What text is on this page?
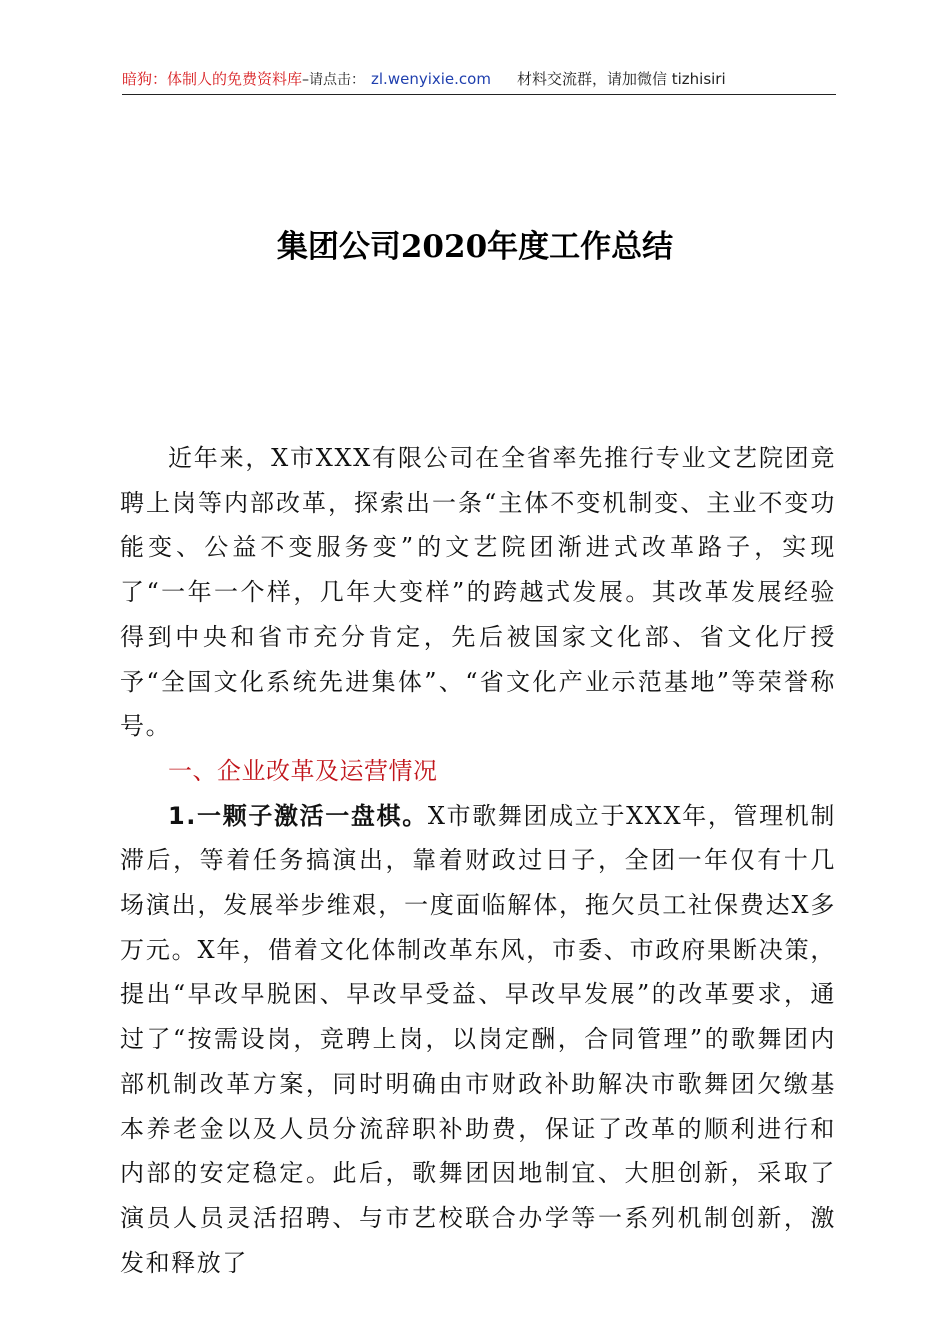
暗狗：体制人的免费资料库–请点击： zl.wenyixie.com 材料交流群，请加微信 tizhisiri
集团公司2020年度工作总结

近年来，X市XXX有限公司在全省率先推行专业文艺院团竞聘上岗等内部改革，探索出一条“主体不变机制变、主业不变功能变、公益不变服务变”的文艺院团渐进式改革路子，实现了“一年一个样，几年大变样”的跨越式发展。其改革发展经验得到中央和省市充分肯定，先后被国家文化部、省文化厅授予“全国文化系统先进集体”、“省文化产业示范基地”等荣誉称号。

一、企业改革及运营情况

1.一颗子激活一盘棋。X市歌舞团成立于XXX年，管理机制滞后，等着任务搞演出，靠着财政过日子，全团一年仅有十几场演出，发展举步维艰，一度面临解体，拖欠员工社保费达X多万元。X年，借着文化体制改革东风，市委、市政府果断决策，提出“早改早脱困、早改早受益、早改早发展”的改革要求，通过了“按需设岗，竞聘上岗，以岗定酬，合同管理”的歌舞团内部机制改革方案，同时明确由市财政补助解决市歌舞团欠缴基本养老金以及人员分流辞职补助费，保证了改革的顺利进行和内部的安定稳定。此后，歌舞团因地制宜、大胆创新，采取了演员人员灵活招聘、与市艺校联合办学等一系列机制创新，激发和释放了
